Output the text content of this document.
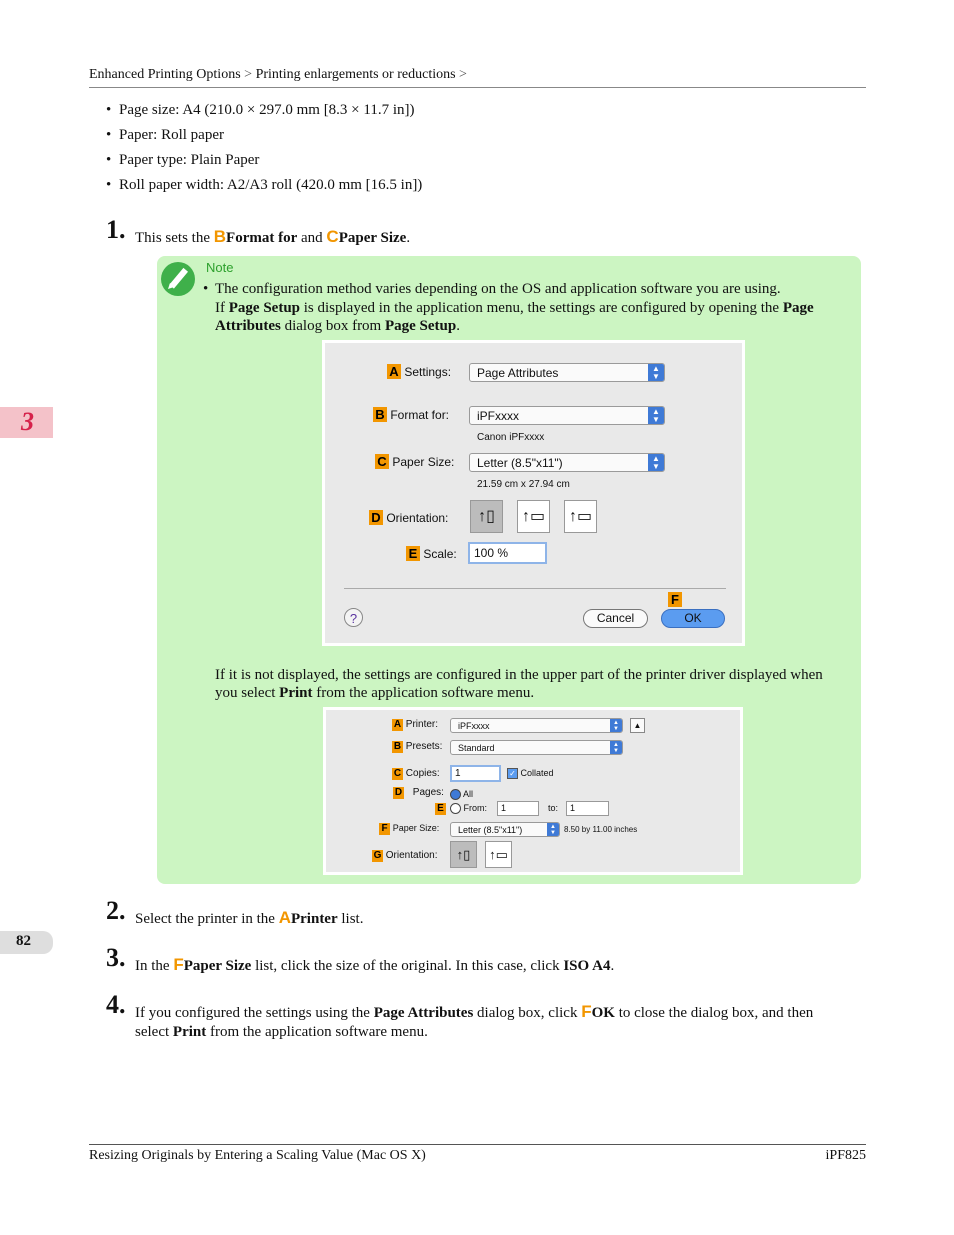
Enhanced Printing Options > Printing enlargements or reductions >
3
82
• Page size: A4 (210.0 × 297.0 mm [8.3 × 11.7 in])
• Paper: Roll paper
• Paper type: Plain Paper
• Roll paper width: A2/A3 roll (420.0 mm [16.5 in])
1. This sets the BFormat for and CPaper Size.
Note
• The configuration method varies depending on the OS and application software you are using.
If Page Setup is displayed in the application menu, the settings are configured by opening the Page
Attributes dialog box from Page Setup.
A Settings:	Page Attributes	▲
▼
B Format for:	iPFxxxx	▲
▼
Canon iPFxxxx
C Paper Size:	Letter (8.5"x11")	▲
▼
21.59 cm x 27.94 cm
D Orientation:	↑▯	↑▭	↑▭
E Scale:	100 %
?	Cancel
F
OK
If it is not displayed, the settings are configured in the upper part of the printer driver displayed when
you select Print from the application software menu.
A Printer:	iPFxxxx	▲
▼	▲
B Presets:	Standard	▲
▼
C Copies:	1	✓ Collated
D Pages:	All
E	From:	1	to:	1
F Paper Size:	Letter (8.5"x11")	▲
▼	8.50 by 11.00 inches
G Orientation:	↑▯	↑▭
2. Select the printer in the APrinter list.
3. In the FPaper Size list, click the size of the original. In this case, click ISO A4.
4. If you configured the settings using the Page Attributes dialog box, click FOK to close the dialog box, and then
select Print from the application software menu.
Resizing Originals by Entering a Scaling Value (Mac OS X)	iPF825
